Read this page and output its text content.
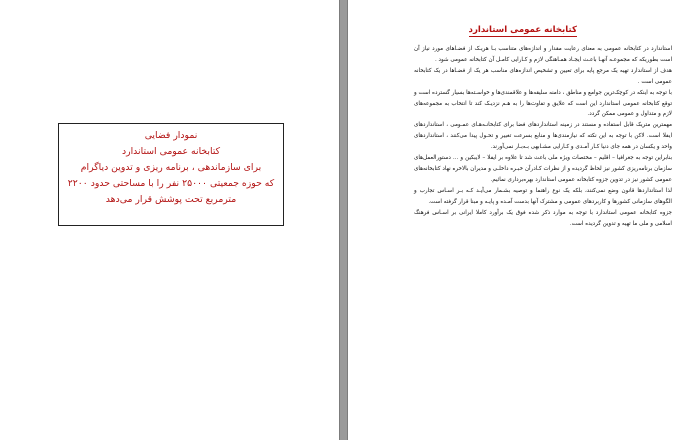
نمودار فضایی
کتابخانه عمومی استاندارد
برای سازماندهی ، برنامه ریزی و تدوین دیاگرام
که حوزه جمعیتی ۲۵۰۰۰ نفر را با مساحتی حدود ۲۲۰۰
مترمربع تحت پوشش قرار می‌دهد
کتابخانه عمومی استاندارد

استاندارد در کتابخانه عمومی به معنای رعایت مقدار و اندازه‌های متناسب بـا هریـک از فضـاهای مورد نیاز آن است بطوریکه که مجموعـه آنهـا باعـث ایجـاد همـاهنگی لازم و کـارایی کامـل آن کتابخانه عمومی شود .

هدف از استاندارد تهیه یک مرجع پایه برای تعیین و تشخیص اندازه‌های مناسب هر یک از فضـاها در یک کتابخانه عمومی است .

با توجه به اینکه در کوچک‌ترین جوامع و مناطق ، دامنه سلیقه‌ها و علاقمندی‌ها و خواسـته‌ها بسیار گسترده است و توقع کتابخانه عمومی استاندارد این است که علایق و تفاوت‌ها را به هـم نزدیـک کند تا انتخاب به مجموعه‌های لازم و متداول و عمومی ممکن گردد.

مهمترین متریک قابل استفاده و مستند در زمینه استانداردهای فضا برای کتابخانـه‌هـای عمـومی ، استانداردهای ایفلا است. لاکن با توجه به این نکته که نیازمندی‌ها و منابع بسرعت تغییر و تحـول پیدا می‌کنند ، استانداردهای واحد و یکسان در همه جای دنیا کـار آمـدی و کـارایی مشـابهی بـه‌بـار نمی‌آورند.

بنابراین توجه به جغرافیا – اقلیم – مختصات ویژه ملی باعث شد تا علاوه بر ایفلا – لایبکین و … دستورالعمل‌های سازمان برنامه‌ریزی کشور نیز لحاظ گردیده و از نظرات کـادرآن خبـره داخلـی و مدیران بالاخره نهاد کتابخانه‌های عمومی کشور نیز در تدوین جزوه کتابخانه عمومی استاندارد بهره‌برداری نمائیم.

لذا استانداردها قانون وضع نمی‌کنند، بلکه یک نوع راهنما و توصیه بشـمار می‌آیـد کـه بـر اسـاس تجارب و الگوهای سازمانی کشورها و کاربردهای عمومی و مشترک آنها بدست آمـده و پایـه و مبنا قرار گرفته است.

جزوه کتابخانه عمومی استاندارد با توجه به موارد ذکر شده فوق یک برآورد کاملا ایرانی بر اسـاس فرهنگ اسلامی و ملی ما تهیه و تدوین گردیده است.
